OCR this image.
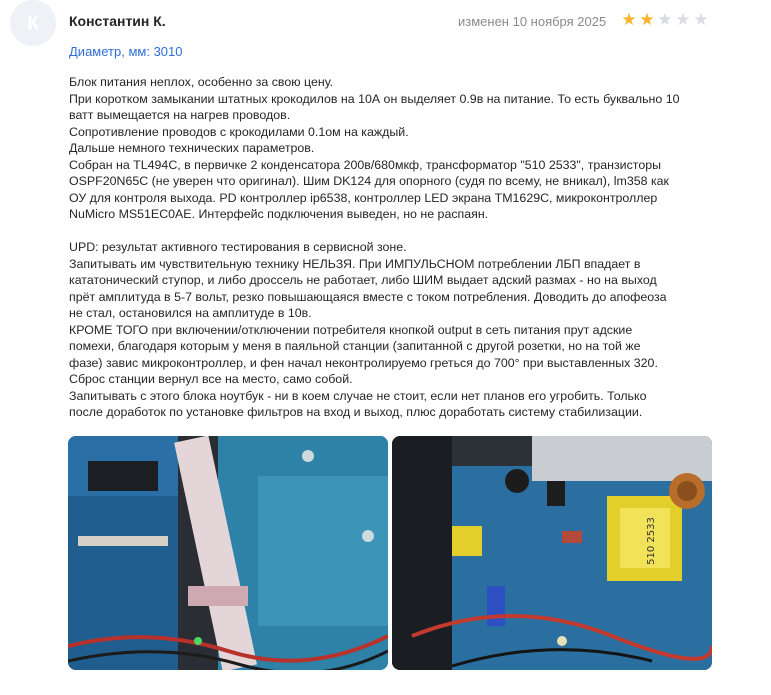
К Константин К.	изменен 10 ноября 2025 ★ ★ ★ ★ ★
Диаметр, мм: 3010
Блок питания неплох, особенно за свою цену.
При коротком замыкании штатных крокодилов на 10А он выделяет 0.9в на питание. То есть буквально 10
ватт вымещается на нагрев проводов.
Сопротивление проводов с крокодилами 0.1ом на каждый.
Дальше немного технических параметров.
Собран на TL494C, в первичке 2 конденсатора 200в/680мкф, трансформатор "510 2533", транзисторы
OSPF20N65C (не уверен что оригинал). Шим DK124 для опорного (судя по всему, не вникал), lm358 как
ОУ для контроля выхода. PD контроллер ip6538, контроллер LED экрана TM1629C, микроконтроллер
NuMicro MS51EC0AE. Интерфейс подключения выведен, но не распаян.
UPD: результат активного тестирования в сервисной зоне.
Запитывать им чувствительную технику НЕЛЬЗЯ. При ИМПУЛЬСНОМ потреблении ЛБП впадает в
кататонический ступор, и либо дроссель не работает, либо ШИМ выдает адский размах - но на выход
прёт амплитуда в 5-7 вольт, резко повышающаяся вместе с током потребления. Доводить до апофеоза
не стал, остановился на амплитуде в 10в.
КРОМЕ ТОГО при включении/отключении потребителя кнопкой output в сеть питания прут адские
помехи, благодаря которым у меня в паяльной станции (запитанной с другой розетки, но на той же
фазе) завис микроконтроллер, и фен начал неконтролируемо греться до 700° при выставленных 320.
Сброс станции вернул все на место, само собой.
Запитывать с этого блока ноутбук - ни в коем случае не стоит, если нет планов его угробить. Только
после доработок по установке фильтров на вход и выход, плюс доработать систему стабилизации.
510 2533
